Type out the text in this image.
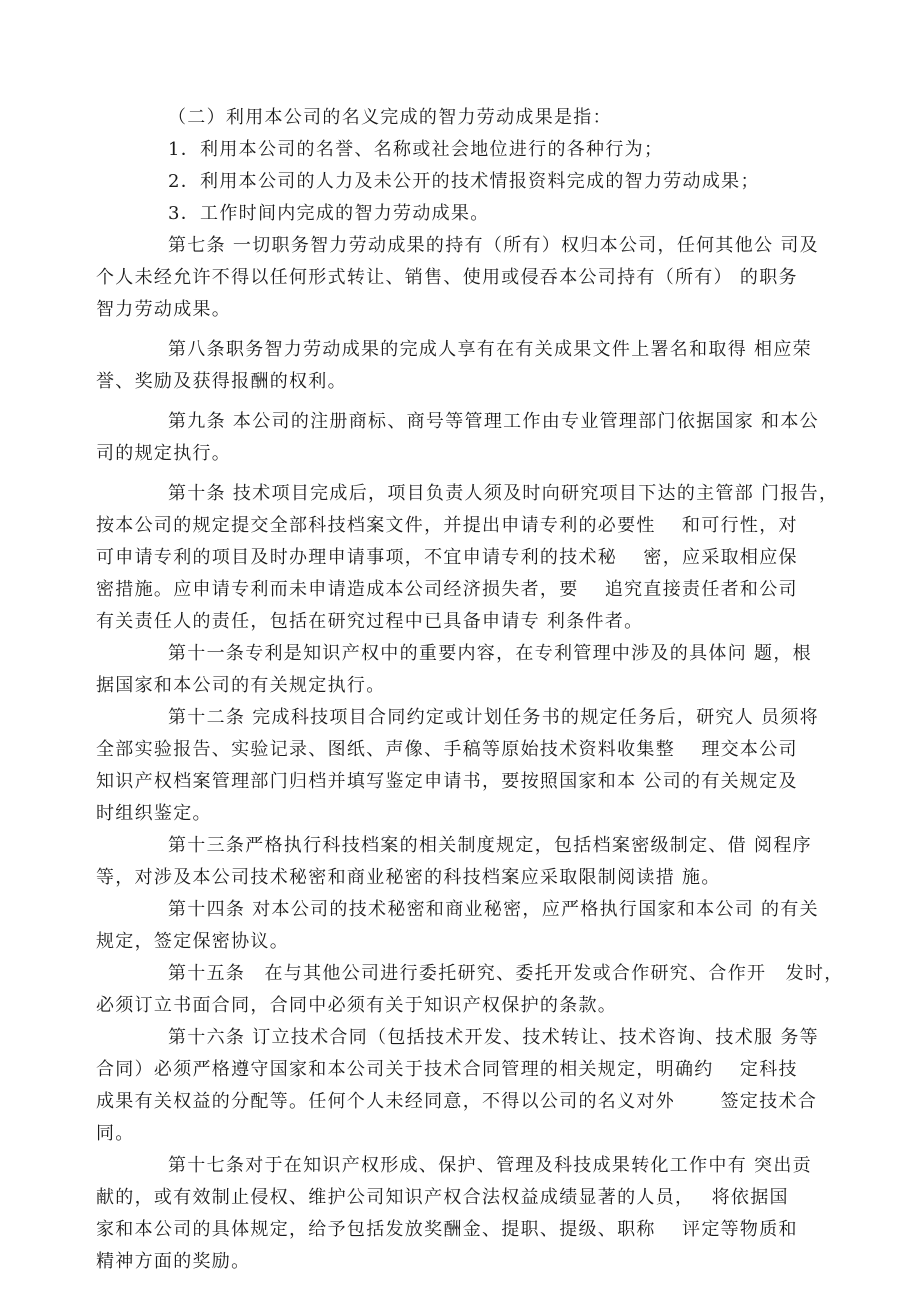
（二）利用本公司的名义完成的智力劳动成果是指：
1．利用本公司的名誉、名称或社会地位进行的各种行为；
2．利用本公司的人力及未公开的技术情报资料完成的智力劳动成果；
3．工作时间内完成的智力劳动成果。
第七条 一切职务智力劳动成果的持有（所有）权归本公司，任何其他公 司及
个人未经允许不得以任何形式转让、销售、使用或侵吞本公司持有（所有） 的职务
智力劳动成果。
第八条职务智力劳动成果的完成人享有在有关成果文件上署名和取得 相应荣
誉、奖励及获得报酬的权利。
第九条 本公司的注册商标、商号等管理工作由专业管理部门依据国家 和本公
司的规定执行。
第十条 技术项目完成后，项目负责人须及时向研究项目下达的主管部 门报告，
按本公司的规定提交全部科技档案文件，并提出申请专利的必要性　 和可行性，对
可申请专利的项目及时办理申请事项，不宜申请专利的技术秘　 密，应采取相应保
密措施。应申请专利而未申请造成本公司经济损失者，要　 追究直接责任者和公司
有关责任人的责任，包括在研究过程中已具备申请专 利条件者。
第十一条专利是知识产权中的重要内容，在专利管理中涉及的具体问 题，根
据国家和本公司的有关规定执行。
第十二条 完成科技项目合同约定或计划任务书的规定任务后，研究人 员须将
全部实验报告、实验记录、图纸、声像、手稿等原始技术资料收集整　 理交本公司
知识产权档案管理部门归档并填写鉴定申请书，要按照国家和本 公司的有关规定及
时组织鉴定。
第十三条严格执行科技档案的相关制度规定，包括档案密级制定、借 阅程序
等，对涉及本公司技术秘密和商业秘密的科技档案应采取限制阅读措 施。
第十四条 对本公司的技术秘密和商业秘密，应严格执行国家和本公司 的有关
规定，签定保密协议。
第十五条　在与其他公司进行委托研究、委托开发或合作研究、合作开　发时，
必须订立书面合同，合同中必须有关于知识产权保护的条款。
第十六条 订立技术合同（包括技术开发、技术转让、技术咨询、技术服 务等
合同）必须严格遵守国家和本公司关于技术合同管理的相关规定，明确约　 定科技
成果有关权益的分配等。任何个人未经同意，不得以公司的名义对外　　 签定技术合
同。
第十七条对于在知识产权形成、保护、管理及科技成果转化工作中有 突出贡
献的，或有效制止侵权、维护公司知识产权合法权益成绩显著的人员，　 将依据国
家和本公司的具体规定，给予包括发放奖酬金、提职、提级、职称　 评定等物质和
精神方面的奖励。
